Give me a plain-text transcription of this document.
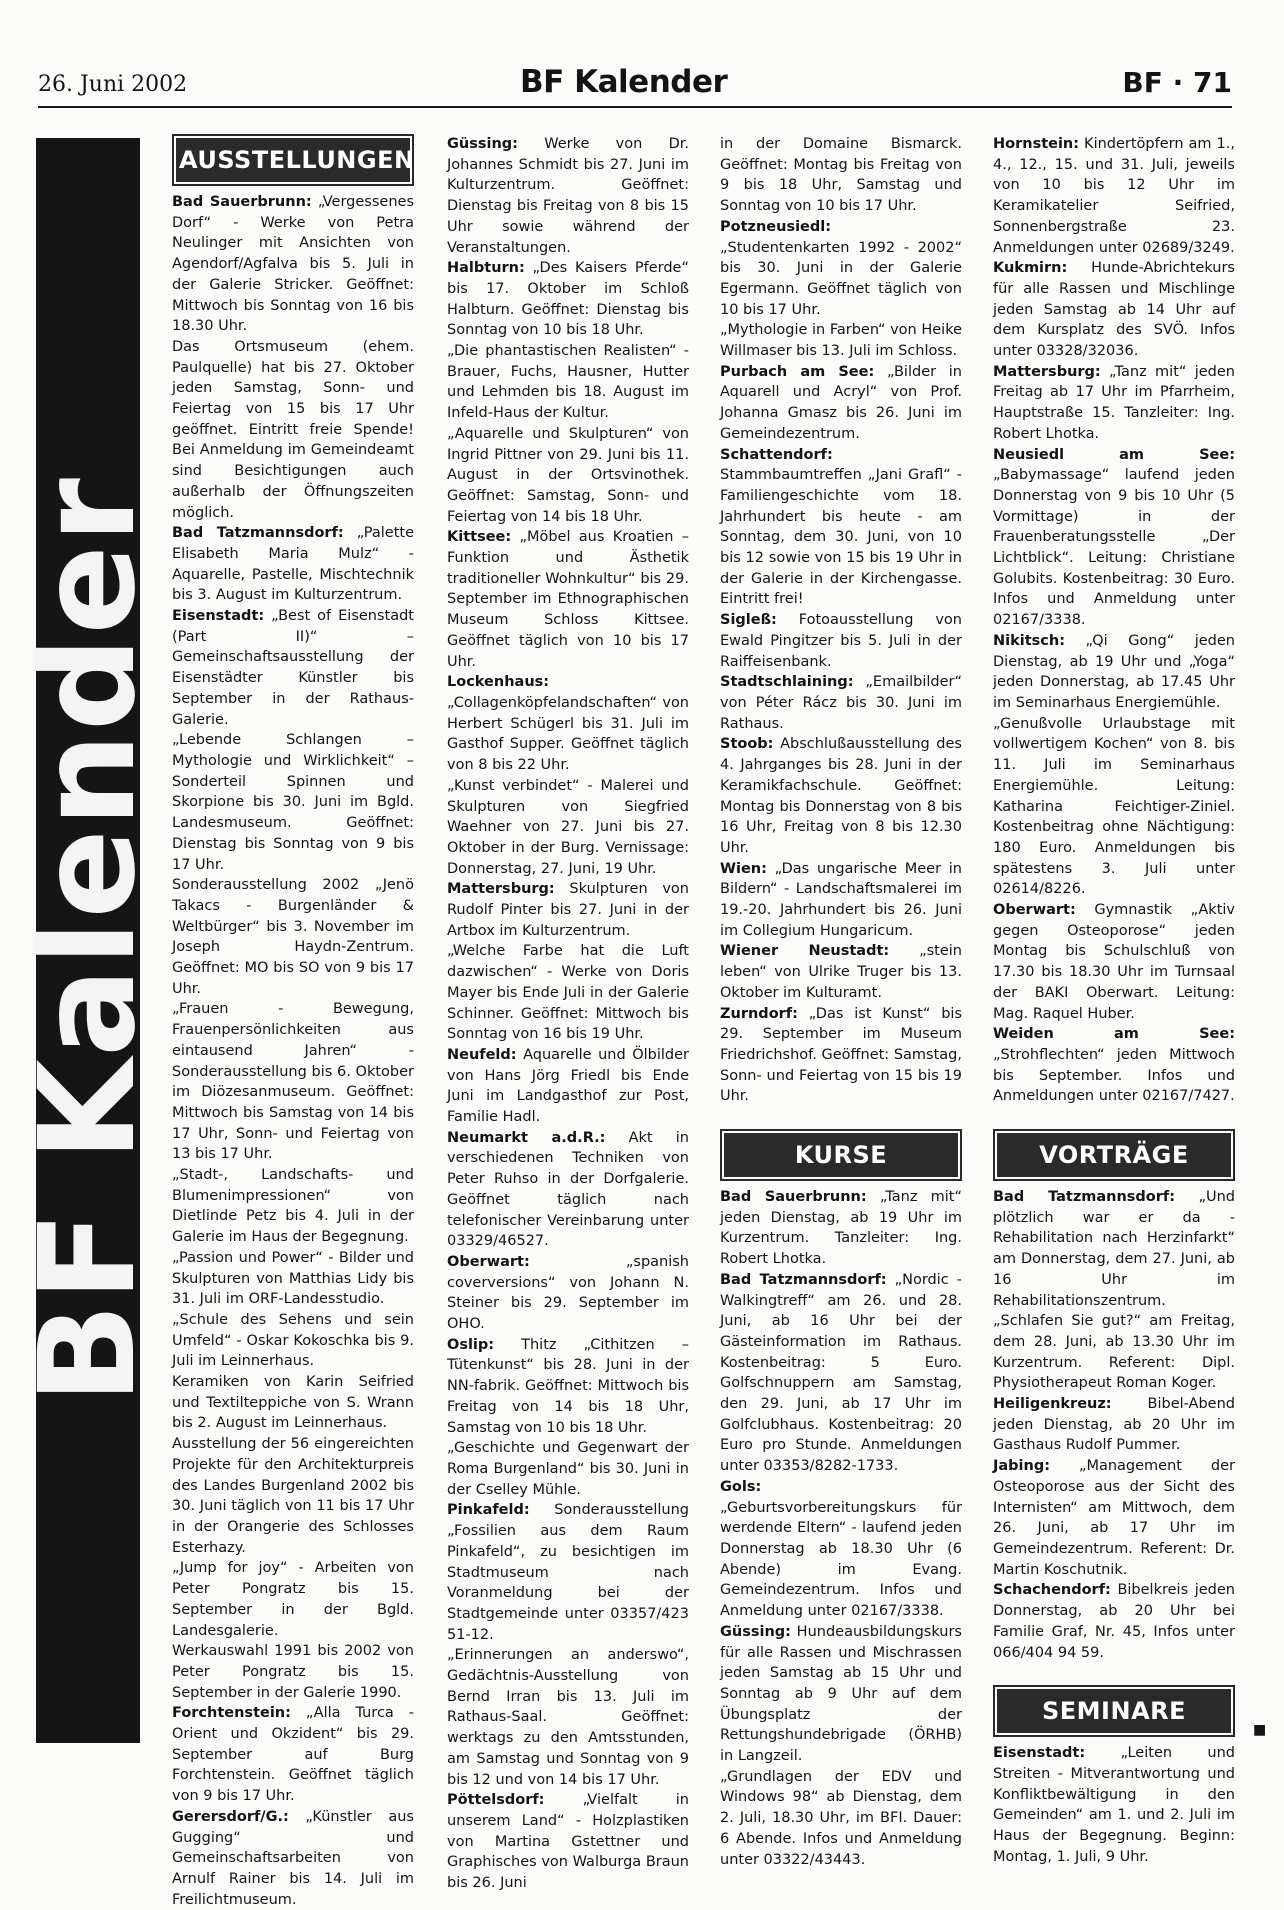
26. Juni 2002	BF Kalender	BF · 71
BF Kalender
AUSSTELLUNGEN

Bad Sauerbrunn: „Vergessenes Dorf“ - Werke von Petra Neulinger mit Ansichten von Agendorf/Agfalva bis 5. Juli in der Galerie Stricker. Geöffnet: Mittwoch bis Sonntag von 16 bis 18.30 Uhr.

Das Ortsmuseum (ehem. Paulquelle) hat bis 27. Oktober jeden Samstag, Sonn- und Feiertag von 15 bis 17 Uhr geöffnet. Eintritt freie Spende! Bei Anmeldung im Gemeindeamt sind Besichtigungen auch außerhalb der Öffnungszeiten möglich.

Bad Tatzmannsdorf: „Palette Elisabeth Maria Mulz“ - Aquarelle, Pastelle, Mischtechnik bis 3. August im Kulturzentrum.

Eisenstadt: „Best of Eisenstadt (Part II)“ – Gemeinschaftsausstellung der Eisenstädter Künstler bis September in der Rathaus-Galerie.

„Lebende Schlangen – Mythologie und Wirklichkeit“ – Sonderteil Spinnen und Skorpione bis 30. Juni im Bgld. Landesmuseum. Geöffnet: Dienstag bis Sonntag von 9 bis 17 Uhr.

Sonderausstellung 2002 „Jenö Takacs - Burgenländer & Weltbürger“ bis 3. November im Joseph Haydn-Zentrum. Geöffnet: MO bis SO von 9 bis 17 Uhr.

„Frauen - Bewegung, Frauenpersönlichkeiten aus eintausend Jahren“ - Sonderausstellung bis 6. Oktober im Diözesanmuseum. Geöffnet: Mittwoch bis Samstag von 14 bis 17 Uhr, Sonn- und Feiertag von 13 bis 17 Uhr.

„Stadt-, Landschafts- und Blumenimpressionen“ von Dietlinde Petz bis 4. Juli in der Galerie im Haus der Begegnung.

„Passion und Power“ - Bilder und Skulpturen von Matthias Lidy bis 31. Juli im ORF-Landesstudio.

„Schule des Sehens und sein Umfeld“ - Oskar Kokoschka bis 9. Juli im Leinnerhaus.

Keramiken von Karin Seifried und Textilteppiche von S. Wrann bis 2. August im Leinnerhaus.

Ausstellung der 56 eingereichten Projekte für den Architekturpreis des Landes Burgenland 2002 bis 30. Juni täglich von 11 bis 17 Uhr in der Orangerie des Schlosses Esterhazy.

„Jump for joy“ - Arbeiten von Peter Pongratz bis 15. September in der Bgld. Landesgalerie.

Werkauswahl 1991 bis 2002 von Peter Pongratz bis 15. September in der Galerie 1990.

Forchtenstein: „Alla Turca - Orient und Okzident“ bis 29. September auf Burg Forchtenstein. Geöffnet täglich von 9 bis 17 Uhr.

Gerersdorf/G.: „Künstler aus Gugging“ und Gemeinschaftsarbeiten von Arnulf Rainer bis 14. Juli im Freilichtmuseum.

Güssing: Werke von Dr. Johannes Schmidt bis 27. Juni im Kulturzentrum. Geöffnet: Dienstag bis Freitag von 8 bis 15 Uhr sowie während der Veranstaltungen.

Halbturn: „Des Kaisers Pferde“ bis 17. Oktober im Schloß Halbturn. Geöffnet: Dienstag bis Sonntag von 10 bis 18 Uhr.

„Die phantastischen Realisten“ - Brauer, Fuchs, Hausner, Hutter und Lehmden bis 18. August im Infeld-Haus der Kultur.

„Aquarelle und Skulpturen“ von Ingrid Pittner von 29. Juni bis 11. August in der Ortsvinothek. Geöffnet: Samstag, Sonn- und Feiertag von 14 bis 18 Uhr.

Kittsee: „Möbel aus Kroatien – Funktion und Ästhetik traditioneller Wohnkultur“ bis 29. September im Ethnographischen Museum Schloss Kittsee. Geöffnet täglich von 10 bis 17 Uhr.

Lockenhaus: „Collagenköpfelandschaften“ von Herbert Schügerl bis 31. Juli im Gasthof Supper. Geöffnet täglich von 8 bis 22 Uhr.

„Kunst verbindet“ - Malerei und Skulpturen von Siegfried Waehner von 27. Juni bis 27. Oktober in der Burg. Vernissage: Donnerstag, 27. Juni, 19 Uhr.

Mattersburg: Skulpturen von Rudolf Pinter bis 27. Juni in der Artbox im Kulturzentrum.

„Welche Farbe hat die Luft dazwischen“ - Werke von Doris Mayer bis Ende Juli in der Galerie Schinner. Geöffnet: Mittwoch bis Sonntag von 16 bis 19 Uhr.

Neufeld: Aquarelle und Ölbilder von Hans Jörg Friedl bis Ende Juni im Landgasthof zur Post, Familie Hadl.

Neumarkt a.d.R.: Akt in verschiedenen Techniken von Peter Ruhso in der Dorfgalerie. Geöffnet täglich nach telefonischer Vereinbarung unter 03329/46527.

Oberwart: „spanish coverversions“ von Johann N. Steiner bis 29. September im OHO.

Oslip: Thitz „Cithitzen – Tütenkunst“ bis 28. Juni in der NN-fabrik. Geöffnet: Mittwoch bis Freitag von 14 bis 18 Uhr, Samstag von 10 bis 18 Uhr.

„Geschichte und Gegenwart der Roma Burgenland“ bis 30. Juni in der Cselley Mühle.

Pinkafeld: Sonderausstellung „Fossilien aus dem Raum Pinkafeld“, zu besichtigen im Stadtmuseum nach Voranmeldung bei der Stadtgemeinde unter 03357/423 51-12.

„Erinnerungen an anderswo“, Gedächtnis-Ausstellung von Bernd Irran bis 13. Juli im Rathaus-Saal. Geöffnet: werktags zu den Amtsstunden, am Samstag und Sonntag von 9 bis 12 und von 14 bis 17 Uhr.

Pöttelsdorf: „Vielfalt in unserem Land“ - Holzplastiken von Martina Gstettner und Graphisches von Walburga Braun bis 26. Juni

in der Domaine Bismarck. Geöffnet: Montag bis Freitag von 9 bis 18 Uhr, Samstag und Sonntag von 10 bis 17 Uhr.

Potzneusiedl: „Studentenkarten 1992 - 2002“ bis 30. Juni in der Galerie Egermann. Geöffnet täglich von 10 bis 17 Uhr.

„Mythologie in Farben“ von Heike Willmaser bis 13. Juli im Schloss.

Purbach am See: „Bilder in Aquarell und Acryl“ von Prof. Johanna Gmasz bis 26. Juni im Gemeindezentrum.

Schattendorf: Stammbaumtreffen „Jani Grafl“ - Familiengeschichte vom 18. Jahrhundert bis heute - am Sonntag, dem 30. Juni, von 10 bis 12 sowie von 15 bis 19 Uhr in der Galerie in der Kirchengasse. Eintritt frei!

Sigleß: Fotoausstellung von Ewald Pingitzer bis 5. Juli in der Raiffeisenbank.

Stadtschlaining: „Emailbilder“ von Péter Rácz bis 30. Juni im Rathaus.

Stoob: Abschlußausstellung des 4. Jahrganges bis 28. Juni in der Keramikfachschule. Geöffnet: Montag bis Donnerstag von 8 bis 16 Uhr, Freitag von 8 bis 12.30 Uhr.

Wien: „Das ungarische Meer in Bildern“ - Landschaftsmalerei im 19.-20. Jahrhundert bis 26. Juni im Collegium Hungaricum.

Wiener Neustadt: „stein leben“ von Ulrike Truger bis 13. Oktober im Kulturamt.

Zurndorf: „Das ist Kunst“ bis 29. September im Museum Friedrichshof. Geöffnet: Samstag, Sonn- und Feiertag von 15 bis 19 Uhr.

KURSE

Bad Sauerbrunn: „Tanz mit“ jeden Dienstag, ab 19 Uhr im Kurzentrum. Tanzleiter: Ing. Robert Lhotka.

Bad Tatzmannsdorf: „Nordic - Walkingtreff“ am 26. und 28. Juni, ab 16 Uhr bei der Gästeinformation im Rathaus. Kostenbeitrag: 5 Euro. Golfschnuppern am Samstag, den 29. Juni, ab 17 Uhr im Golfclubhaus. Kostenbeitrag: 20 Euro pro Stunde. Anmeldungen unter 03353/8282-1733.

Gols: „Geburtsvorbereitungskurs für werdende Eltern“ - laufend jeden Donnerstag ab 18.30 Uhr (6 Abende) im Evang. Gemeindezentrum. Infos und Anmeldung unter 02167/3338.

Güssing: Hundeausbildungskurs für alle Rassen und Mischrassen jeden Samstag ab 15 Uhr und Sonntag ab 9 Uhr auf dem Übungsplatz der Rettungshundebrigade (ÖRHB) in Langzeil.

„Grundlagen der EDV und Windows 98“ ab Dienstag, dem 2. Juli, 18.30 Uhr, im BFI. Dauer: 6 Abende. Infos und Anmeldung unter 03322/43443.

Hornstein: Kindertöpfern am 1., 4., 12., 15. und 31. Juli, jeweils von 10 bis 12 Uhr im Keramikatelier Seifried, Sonnenbergstraße 23. Anmeldungen unter 02689/3249.

Kukmirn: Hunde-Abrichtekurs für alle Rassen und Mischlinge jeden Samstag ab 14 Uhr auf dem Kursplatz des SVÖ. Infos unter 03328/32036.

Mattersburg: „Tanz mit“ jeden Freitag ab 17 Uhr im Pfarrheim, Hauptstraße 15. Tanzleiter: Ing. Robert Lhotka.

Neusiedl am See: „Babymassage“ laufend jeden Donnerstag von 9 bis 10 Uhr (5 Vormittage) in der Frauenberatungsstelle „Der Lichtblick“. Leitung: Christiane Golubits. Kostenbeitrag: 30 Euro. Infos und Anmeldung unter 02167/3338.

Nikitsch: „Qi Gong“ jeden Dienstag, ab 19 Uhr und „Yoga“ jeden Donnerstag, ab 17.45 Uhr im Seminarhaus Energiemühle.

„Genußvolle Urlaubstage mit vollwertigem Kochen“ von 8. bis 11. Juli im Seminarhaus Energiemühle. Leitung: Katharina Feichtiger-Ziniel. Kostenbeitrag ohne Nächtigung: 180 Euro. Anmeldungen bis spätestens 3. Juli unter 02614/8226.

Oberwart: Gymnastik „Aktiv gegen Osteoporose“ jeden Montag bis Schulschluß von 17.30 bis 18.30 Uhr im Turnsaal der BAKI Oberwart. Leitung: Mag. Raquel Huber.

Weiden am See: „Strohflechten“ jeden Mittwoch bis September. Infos und Anmeldungen unter 02167/7427.

VORTRÄGE

Bad Tatzmannsdorf: „Und plötzlich war er da - Rehabilitation nach Herzinfarkt“ am Donnerstag, dem 27. Juni, ab 16 Uhr im Rehabilitationszentrum.

„Schlafen Sie gut?“ am Freitag, dem 28. Juni, ab 13.30 Uhr im Kurzentrum. Referent: Dipl. Physiotherapeut Roman Koger.

Heiligenkreuz: Bibel-Abend jeden Dienstag, ab 20 Uhr im Gasthaus Rudolf Pummer.

Jabing: „Management der Osteoporose aus der Sicht des Internisten“ am Mittwoch, dem 26. Juni, ab 17 Uhr im Gemeindezentrum. Referent: Dr. Martin Koschutnik.

Schachendorf: Bibelkreis jeden Donnerstag, ab 20 Uhr bei Familie Graf, Nr. 45, Infos unter 066/404 94 59.

SEMINARE

Eisenstadt: „Leiten und Streiten - Mitverantwortung und Konfliktbewältigung in den Gemeinden“ am 1. und 2. Juli im Haus der Begegnung. Beginn: Montag, 1. Juli, 9 Uhr.

■
